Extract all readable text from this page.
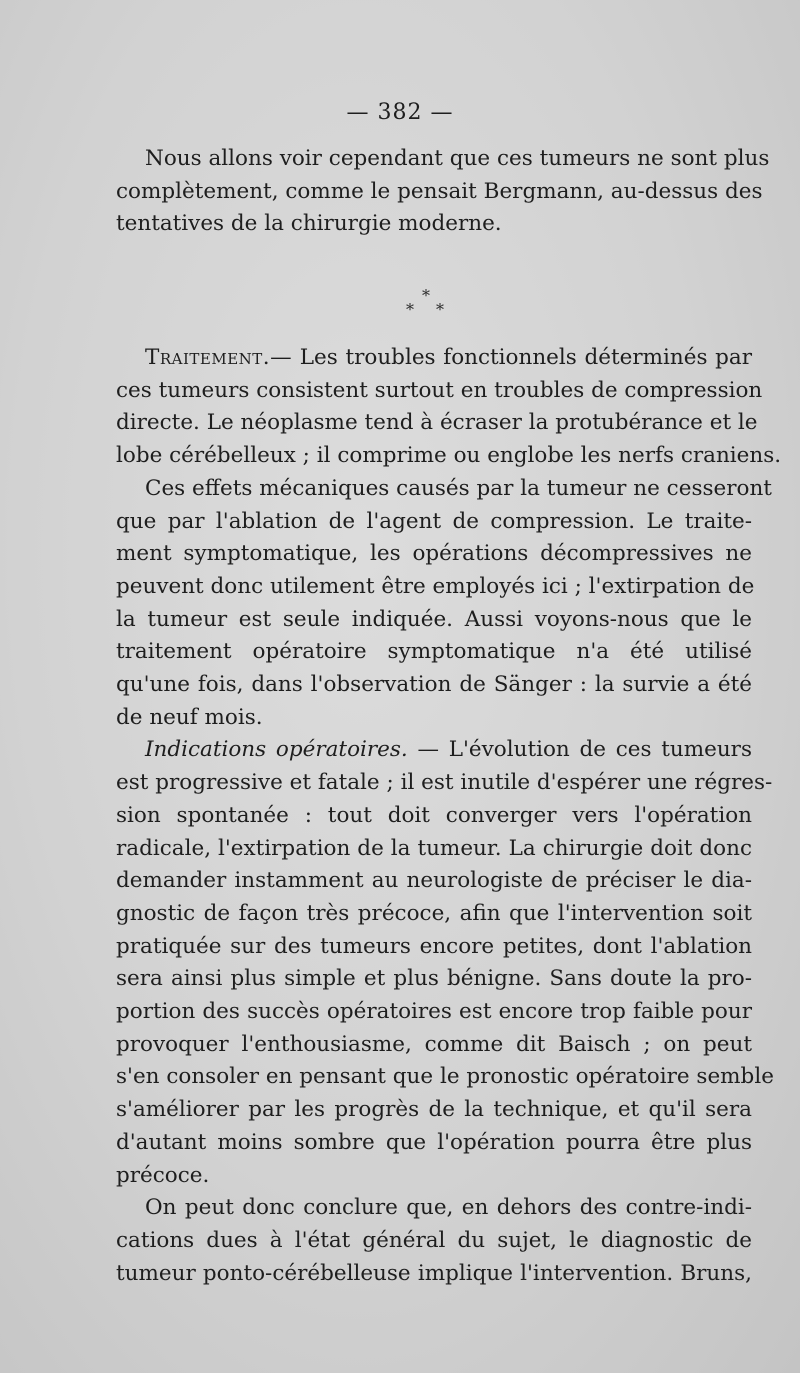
— 382 —
Nous allons voir cependant que ces tumeurs ne sont plus
complètement, comme le pensait Bergmann, au-dessus des
tentatives de la chirurgie moderne.
*
* *
Traitement.— Les troubles fonctionnels déterminés par
ces tumeurs consistent surtout en troubles de compression
directe. Le néoplasme tend à écraser la protubérance et le
lobe cérébelleux ; il comprime ou englobe les nerfs craniens.
Ces effets mécaniques causés par la tumeur ne cesseront
que par l'ablation de l'agent de compression. Le traite-
ment symptomatique, les opérations décompressives ne
peuvent donc utilement être employés ici ; l'extirpation de
la tumeur est seule indiquée. Aussi voyons-nous que le
traitement opératoire symptomatique n'a été utilisé
qu'une fois, dans l'observation de Sänger : la survie a été
de neuf mois.
Indications opératoires. — L'évolution de ces tumeurs
est progressive et fatale ; il est inutile d'espérer une régres-
sion spontanée : tout doit converger vers l'opération
radicale, l'extirpation de la tumeur. La chirurgie doit donc
demander instamment au neurologiste de préciser le dia-
gnostic de façon très précoce, afin que l'intervention soit
pratiquée sur des tumeurs encore petites, dont l'ablation
sera ainsi plus simple et plus bénigne. Sans doute la pro-
portion des succès opératoires est encore trop faible pour
provoquer l'enthousiasme, comme dit Baisch ; on peut
s'en consoler en pensant que le pronostic opératoire semble
s'améliorer par les progrès de la technique, et qu'il sera
d'autant moins sombre que l'opération pourra être plus
précoce.
On peut donc conclure que, en dehors des contre-indi-
cations dues à l'état général du sujet, le diagnostic de
tumeur ponto-cérébelleuse implique l'intervention. Bruns,
